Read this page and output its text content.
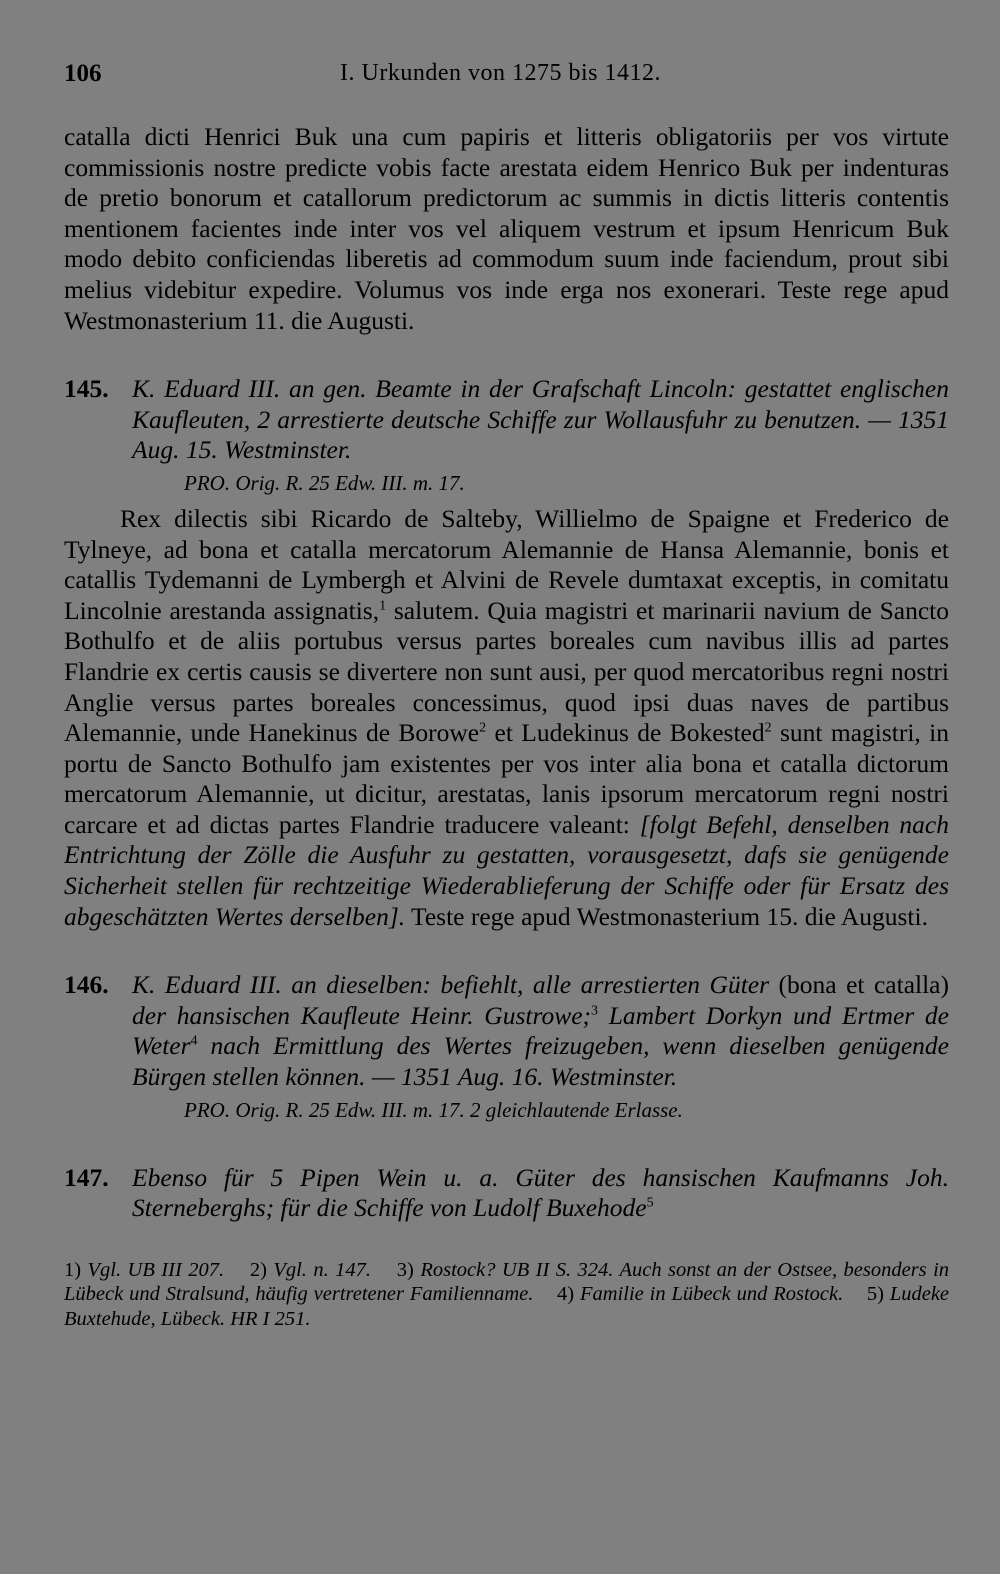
106	I. Urkunden von 1275 bis 1412.

catalla dicti Henrici Buk una cum papiris et litteris obligatoriis per vos virtute commissionis nostre predicte vobis facte arestata eidem Henrico Buk per indenturas de pretio bonorum et catallorum predictorum ac summis in dictis litteris contentis mentionem facientes inde inter vos vel aliquem vestrum et ipsum Henricum Buk modo debito conficiendas liberetis ad commodum suum inde faciendum, prout sibi melius videbitur expedire. Volumus vos inde erga nos exonerari. Teste rege apud Westmonasterium 11. die Augusti.

145. K. Eduard III. an gen. Beamte in der Grafschaft Lincoln: gestattet englischen Kaufleuten, 2 arrestierte deutsche Schiffe zur Wollausfuhr zu benutzen. — 1351 Aug. 15. Westminster.
PRO. Orig. R. 25 Edw. III. m. 17.

Rex dilectis sibi Ricardo de Salteby, Willielmo de Spaigne et Frederico de Tylneye, ad bona et catalla mercatorum Alemannie de Hansa Alemannie, bonis et catallis Tydemanni de Lymbergh et Alvini de Revele dumtaxat exceptis, in comitatu Lincolnie arestanda assignatis,$^1$ salutem. Quia magistri et marinarii navium de Sancto Bothulfo et de aliis portubus versus partes boreales cum navibus illis ad partes Flandrie ex certis causis se divertere non sunt ausi, per quod mercatoribus regni nostri Anglie versus partes boreales concessimus, quod ipsi duas naves de partibus Alemannie, unde Hanekinus de Borowe$^2$ et Ludekinus de Bokested$^2$ sunt magistri, in portu de Sancto Bothulfo jam existentes per vos inter alia bona et catalla dictorum mercatorum Alemannie, ut dicitur, arestatas, lanis ipsorum mercatorum regni nostri carcare et ad dictas partes Flandrie traducere valeant: [folgt Befehl, denselben nach Entrichtung der Zölle die Ausfuhr zu gestatten, vorausgesetzt, dafs sie genügende Sicherheit stellen für rechtzeitige Wiederablieferung der Schiffe oder für Ersatz des abgeschätzten Wertes derselben]. Teste rege apud Westmonasterium 15. die Augusti.

146. K. Eduard III. an dieselben: befiehlt, alle arrestierten Güter (bona et catalla) der hansischen Kaufleute Heinr. Gustrowe;$^3$ Lambert Dorkyn und Ertmer de Weter$^4$ nach Ermittlung des Wertes freizugeben, wenn dieselben genügende Bürgen stellen können. — 1351 Aug. 16. Westminster.
PRO. Orig. R. 25 Edw. III. m. 17. 2 gleichlautende Erlasse.
147. Ebenso für 5 Pipen Wein u. a. Güter des hansischen Kaufmanns Joh. Sterneberghs; für die Schiffe von Ludolf Buxehode$^5$
1) Vgl. UB III 207. 2) Vgl. n. 147. 3) Rostock? UB II S. 324. Auch sonst an der Ostsee, besonders in Lübeck und Stralsund, häufig vertretener Familienname. 4) Familie in Lübeck und Rostock. 5) Ludeke Buxtehude, Lübeck. HR I 251.
